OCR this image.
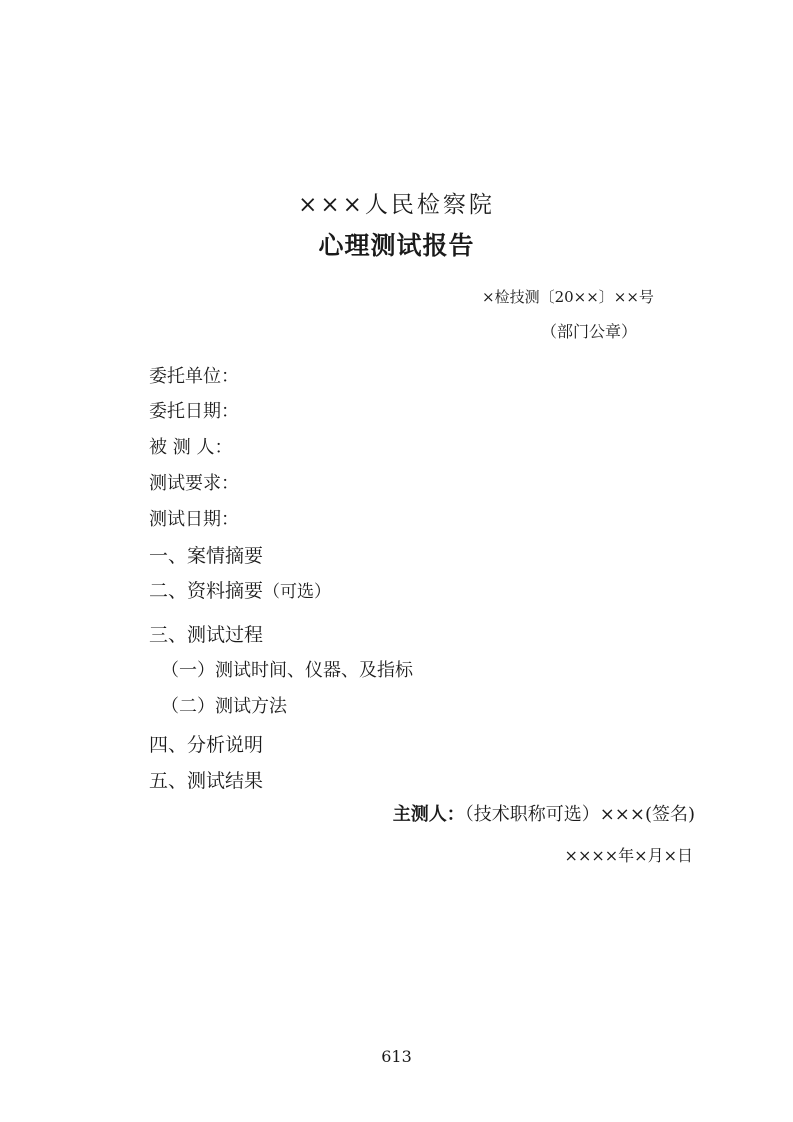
×××人民检察院
心理测试报告
×检技测〔20××〕××号
（部门公章）
委托单位：
委托日期：
被 测 人：
测试要求：
测试日期：
一、案情摘要
二、资料摘要（可选）
三、测试过程
（一）测试时间、仪器、及指标
（二）测试方法
四、分析说明
五、测试结果
主测人：（技术职称可选）×××(签名)
××××年×月×日
613
